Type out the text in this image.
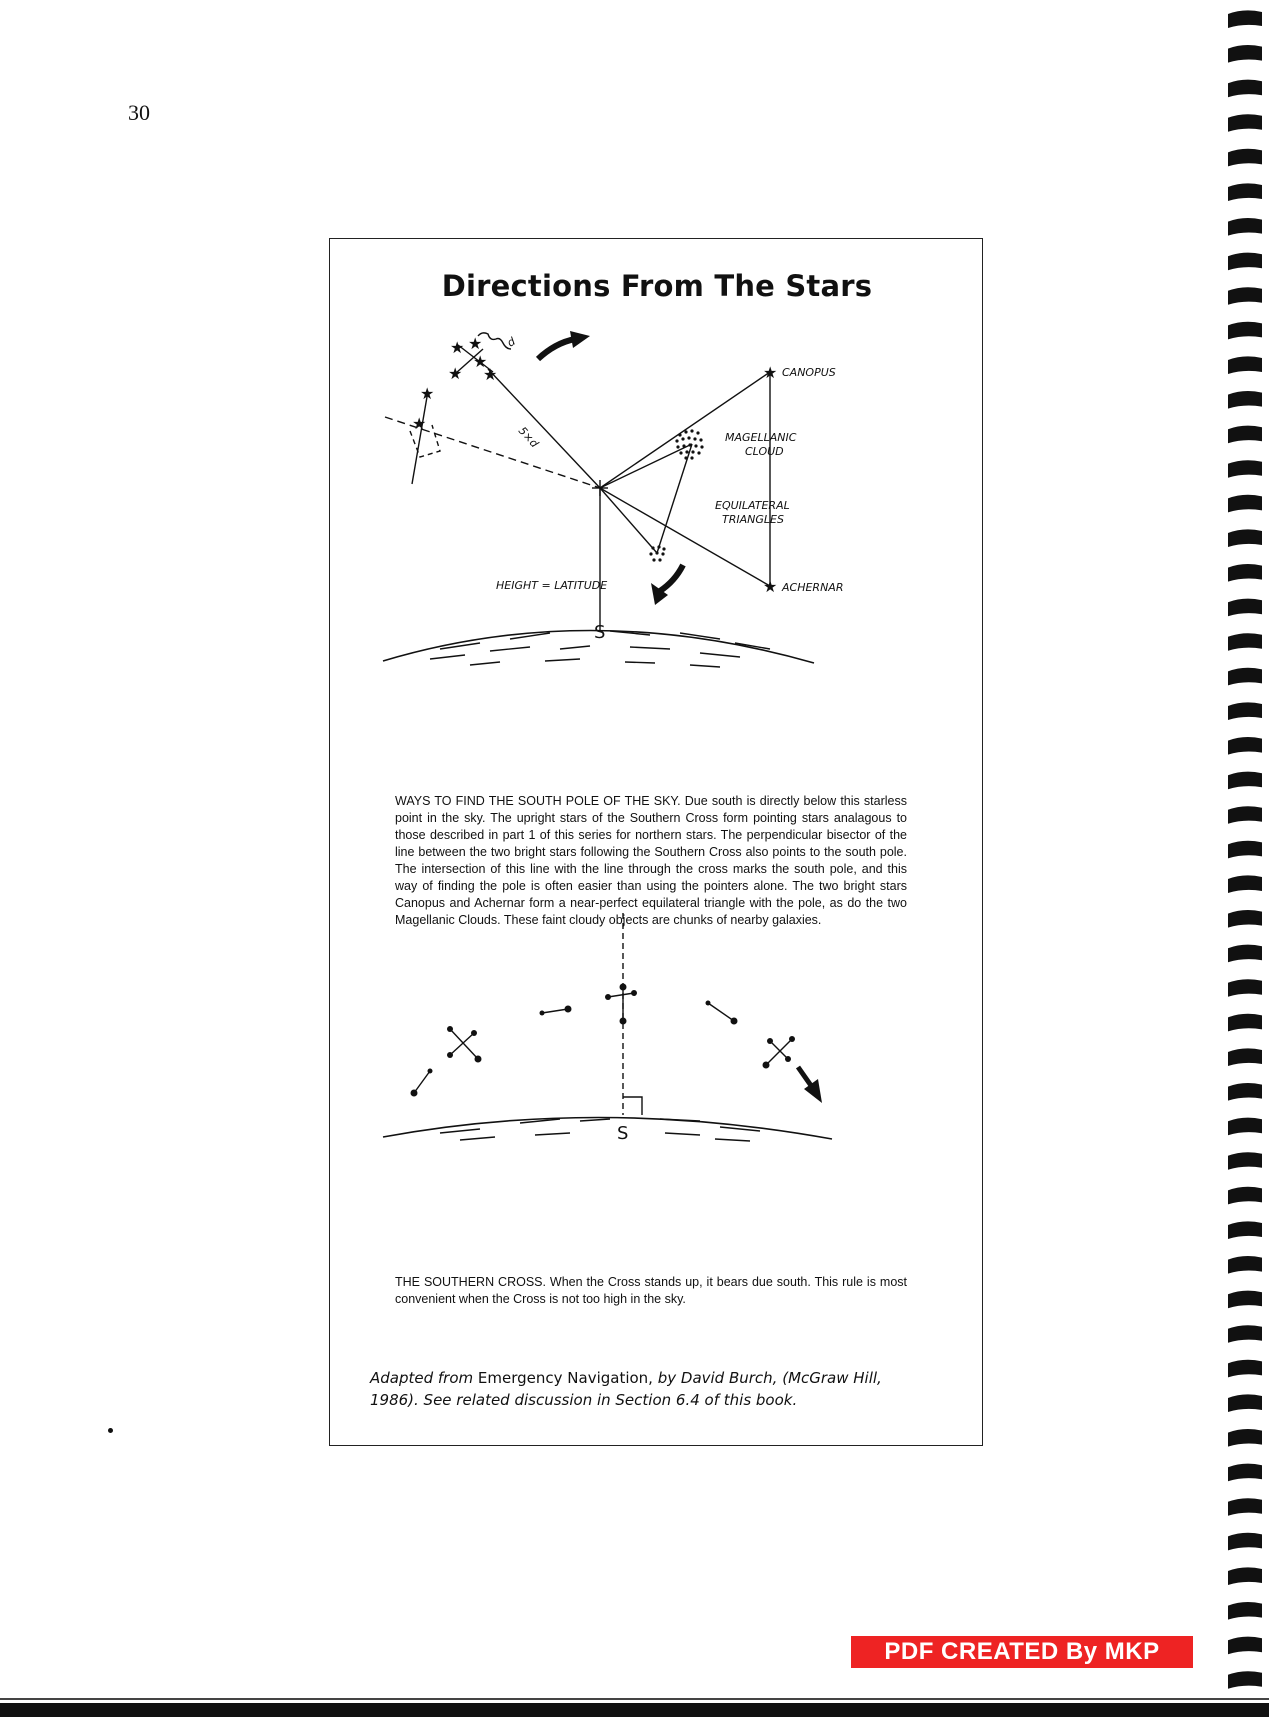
30
Directions From The Stars
★ ★
★
★
★
★
★
★
★
CANOPUS
MAGELLANIC
CLOUD
EQUILATERAL
TRIANGLES
ACHERNAR
HEIGHT = LATITUDE
5×d
d
S

WAYS TO FIND THE SOUTH POLE OF THE SKY. Due south is directly below this starless point in the sky. The upright stars of the Southern Cross form pointing stars analagous to those described in part 1 of this series for northern stars. The perpendicular bisector of the line between the two bright stars following the Southern Cross also points to the south pole. The intersection of this line with the line through the cross marks the south pole, and this way of finding the pole is often easier than using the pointers alone. The two bright stars Canopus and Achernar form a near-perfect equilateral triangle with the pole, as do the two Magellanic Clouds. These faint cloudy objects are chunks of nearby galaxies.

S

THE SOUTHERN CROSS. When the Cross stands up, it bears due south. This rule is most convenient when the Cross is not too high in the sky.

Adapted from Emergency Navigation, by David Burch, (McGraw Hill,
1986). See related discussion in Section 6.4 of this book.

PDF CREATED By MKP
